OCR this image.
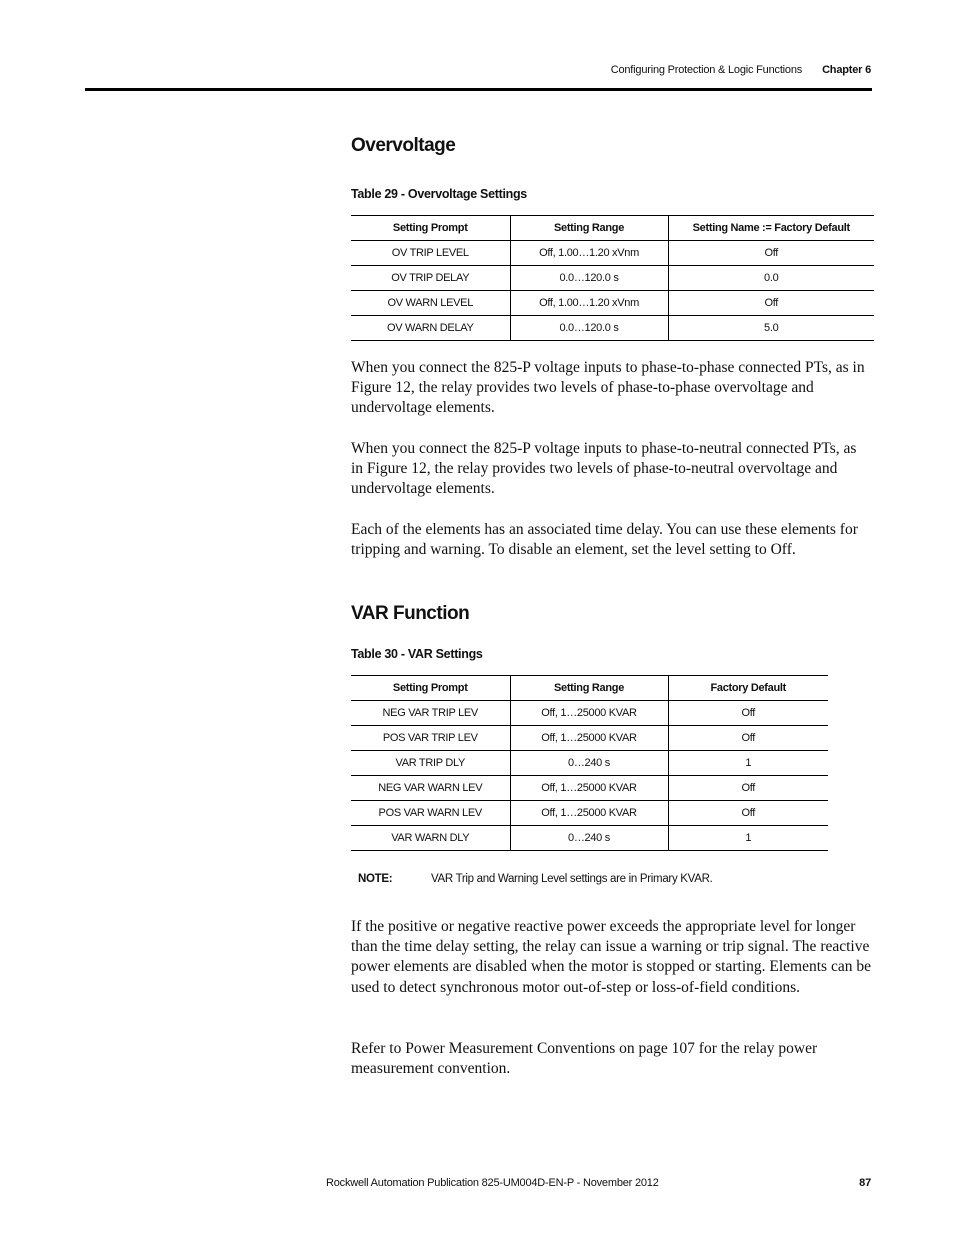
Configuring Protection & Logic Functions Chapter 6
Overvoltage
Table 29 - Overvoltage Settings
Setting Prompt	Setting Range	Setting Name := Factory Default
OV TRIP LEVEL	Off, 1.00…1.20 xVnm	Off
OV TRIP DELAY	0.0…120.0 s	0.0
OV WARN LEVEL	Off, 1.00…1.20 xVnm	Off
OV WARN DELAY	0.0…120.0 s	5.0
When you connect the 825-P voltage inputs to phase-to-phase connected PTs, as in Figure 12, the relay provides two levels of phase-to-phase overvoltage and undervoltage elements.
When you connect the 825-P voltage inputs to phase-to-neutral connected PTs, as in Figure 12, the relay provides two levels of phase-to-neutral overvoltage and undervoltage elements.
Each of the elements has an associated time delay. You can use these elements for tripping and warning. To disable an element, set the level setting to Off.
VAR Function
Table 30 - VAR Settings
Setting Prompt	Setting Range	Factory Default
NEG VAR TRIP LEV	Off, 1…25000 KVAR	Off
POS VAR TRIP LEV	Off, 1…25000 KVAR	Off
VAR TRIP DLY	0…240 s	1
NEG VAR WARN LEV	Off, 1…25000 KVAR	Off
POS VAR WARN LEV	Off, 1…25000 KVAR	Off
VAR WARN DLY	0…240 s	1
NOTE:	VAR Trip and Warning Level settings are in Primary KVAR.
If the positive or negative reactive power exceeds the appropriate level for longer than the time delay setting, the relay can issue a warning or trip signal. The reactive power elements are disabled when the motor is stopped or starting. Elements can be used to detect synchronous motor out-of-step or loss-of-field conditions.
Refer to Power Measurement Conventions on page 107 for the relay power measurement convention.
Rockwell Automation Publication 825-UM004D-EN-P - November 2012	87
